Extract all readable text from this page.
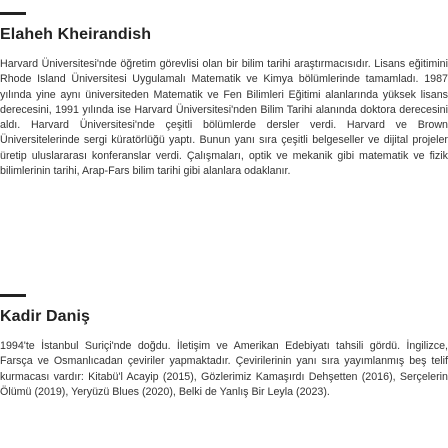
Elaheh Kheirandish

Harvard Üniversitesi'nde öğretim görevlisi olan bir bilim tarihi araştırmacısıdır. Lisans eğitimini Rhode Island Üniversitesi Uygulamalı Matematik ve Kimya bölümlerinde tamamladı. 1987 yılında yine aynı üniversiteden Matematik ve Fen Bilimleri Eğitimi alanlarında yüksek lisans derecesini, 1991 yılında ise Harvard Üniversitesi'nden Bilim Tarihi alanında doktora derecesini aldı. Harvard Üniversitesi'nde çeşitli bölümlerde dersler verdi. Harvard ve Brown Üniversitelerinde sergi küratörlüğü yaptı. Bunun yanı sıra çeşitli belgeseller ve dijital projeler üretip uluslararası konferanslar verdi. Çalışmaları, optik ve mekanik gibi matematik ve fizik bilimlerinin tarihi, Arap-Fars bilim tarihi gibi alanlara odaklanır.

Kadir Daniş

1994'te İstanbul Suriçi'nde doğdu. İletişim ve Amerikan Edebiyatı tahsili gördü. İngilizce, Farsça ve Osmanlıcadan çeviriler yapmaktadır. Çevirilerinin yanı sıra yayımlanmış beş telif kurmacası vardır: Kitabü'l Acayip (2015), Gözlerimiz Kamaşırdı Dehşetten (2016), Serçelerin Ölümü (2019), Yeryüzü Blues (2020), Belki de Yanlış Bir Leyla (2023).
